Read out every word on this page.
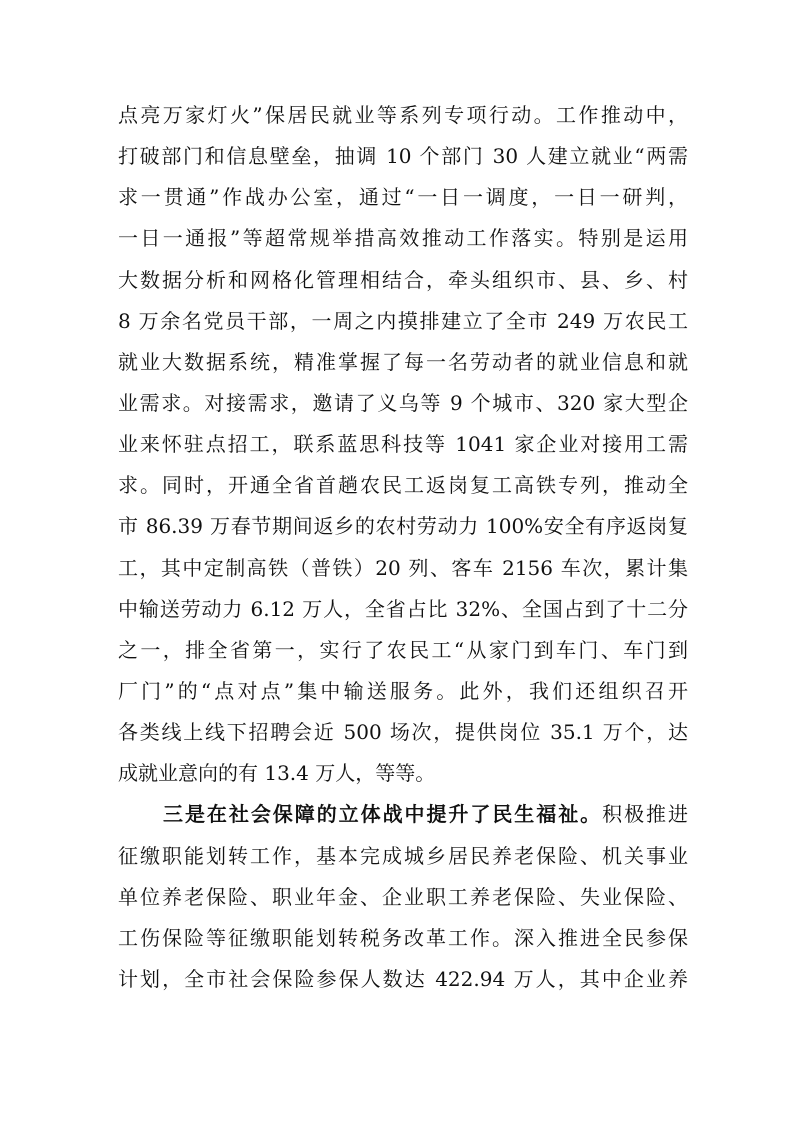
点亮万家灯火”保居民就业等系列专项行动。工作推动中，
打破部门和信息壁垒，抽调 10 个部门 30 人建立就业“两需
求一贯通”作战办公室，通过“一日一调度，一日一研判，
一日一通报”等超常规举措高效推动工作落实。特别是运用
大数据分析和网格化管理相结合，牵头组织市、县、乡、村
8 万余名党员干部，一周之内摸排建立了全市 249 万农民工
就业大数据系统，精准掌握了每一名劳动者的就业信息和就
业需求。对接需求，邀请了义乌等 9 个城市、320 家大型企
业来怀驻点招工，联系蓝思科技等 1041 家企业对接用工需
求。同时，开通全省首趟农民工返岗复工高铁专列，推动全
市 86.39 万春节期间返乡的农村劳动力 100%安全有序返岗复
工，其中定制高铁（普铁）20 列、客车 2156 车次，累计集
中输送劳动力 6.12 万人，全省占比 32%、全国占到了十二分
之一，排全省第一，实行了农民工“从家门到车门、车门到
厂门”的“点对点”集中输送服务。此外，我们还组织召开
各类线上线下招聘会近 500 场次，提供岗位 35.1 万个，达
成就业意向的有 13.4 万人，等等。
三是在社会保障的立体战中提升了民生福祉。积极推进
征缴职能划转工作，基本完成城乡居民养老保险、机关事业
单位养老保险、职业年金、企业职工养老保险、失业保险、
工伤保险等征缴职能划转税务改革工作。深入推进全民参保
计划，全市社会保险参保人数达 422.94 万人，其中企业养
